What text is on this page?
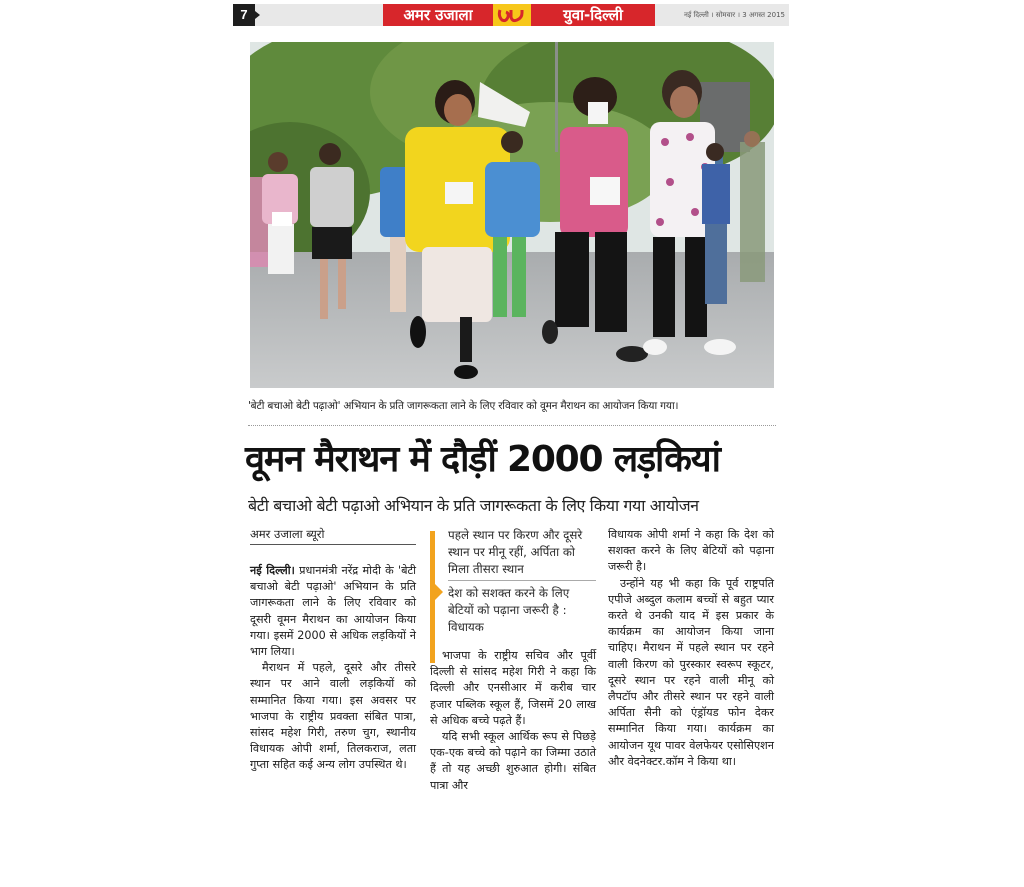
7	अमर उजाला	युवा-दिल्ली	नई दिल्ली । सोमवार । 3 अगस्त 2015
'बेटी बचाओ बेटी पढ़ाओ' अभियान के प्रति जागरूकता लाने के लिए रविवार को वूमन मैराथन का आयोजन किया गया।
वूमन मैराथन में दौड़ीं 2000 लड़कियां
बेटी बचाओ बेटी पढ़ाओ अभियान के प्रति जागरूकता के लिए किया गया आयोजन
अमर उजाला ब्यूरो

नई दिल्ली। प्रधानमंत्री नरेंद्र मोदी के 'बेटी बचाओ बेटी पढ़ाओ' अभियान के प्रति जागरूकता लाने के लिए रविवार को दूसरी वूमन मैराथन का आयोजन किया गया। इसमें 2000 से अधिक लड़कियों ने भाग लिया।

मैराथन में पहले, दूसरे और तीसरे स्थान पर आने वाली लड़कियों को सम्मानित किया गया। इस अवसर पर भाजपा के राष्ट्रीय प्रवक्ता संबित पात्रा, सांसद महेश गिरी, तरुण चुग, स्थानीय विधायक ओपी शर्मा, तिलकराज, लता गुप्ता सहित कई अन्य लोग उपस्थित थे।

पहले स्थान पर किरण और दूसरे स्थान पर मीनू रहीं, अर्पिता को मिला तीसरा स्थान
देश को सशक्त करने के लिए बेटियों को पढ़ाना जरूरी है : विधायक

भाजपा के राष्ट्रीय सचिव और पूर्वी दिल्ली से सांसद महेश गिरी ने कहा कि दिल्ली और एनसीआर में करीब चार हजार पब्लिक स्कूल हैं, जिसमें 20 लाख से अधिक बच्चे पढ़ते हैं।

यदि सभी स्कूल आर्थिक रूप से पिछड़े एक-एक बच्चे को पढ़ाने का जिम्मा उठाते हैं तो यह अच्छी शुरुआत होगी। संबित पात्रा और

विधायक ओपी शर्मा ने कहा कि देश को सशक्त करने के लिए बेटियों को पढ़ाना जरूरी है।

उन्होंने यह भी कहा कि पूर्व राष्ट्रपति एपीजे अब्दुल कलाम बच्चों से बहुत प्यार करते थे उनकी याद में इस प्रकार के कार्यक्रम का आयोजन किया जाना चाहिए। मैराथन में पहले स्थान पर रहने वाली किरण को पुरस्कार स्वरूप स्कूटर, दूसरे स्थान पर रहने वाली मीनू को लैपटॉप और तीसरे स्थान पर रहने वाली अर्पिता सैनी को एंड्रॉयड फोन देकर सम्मानित किया गया। कार्यक्रम का आयोजन यूथ पावर वेलफेयर एसोसिएशन और वेदनेक्टर.कॉम ने किया था।
